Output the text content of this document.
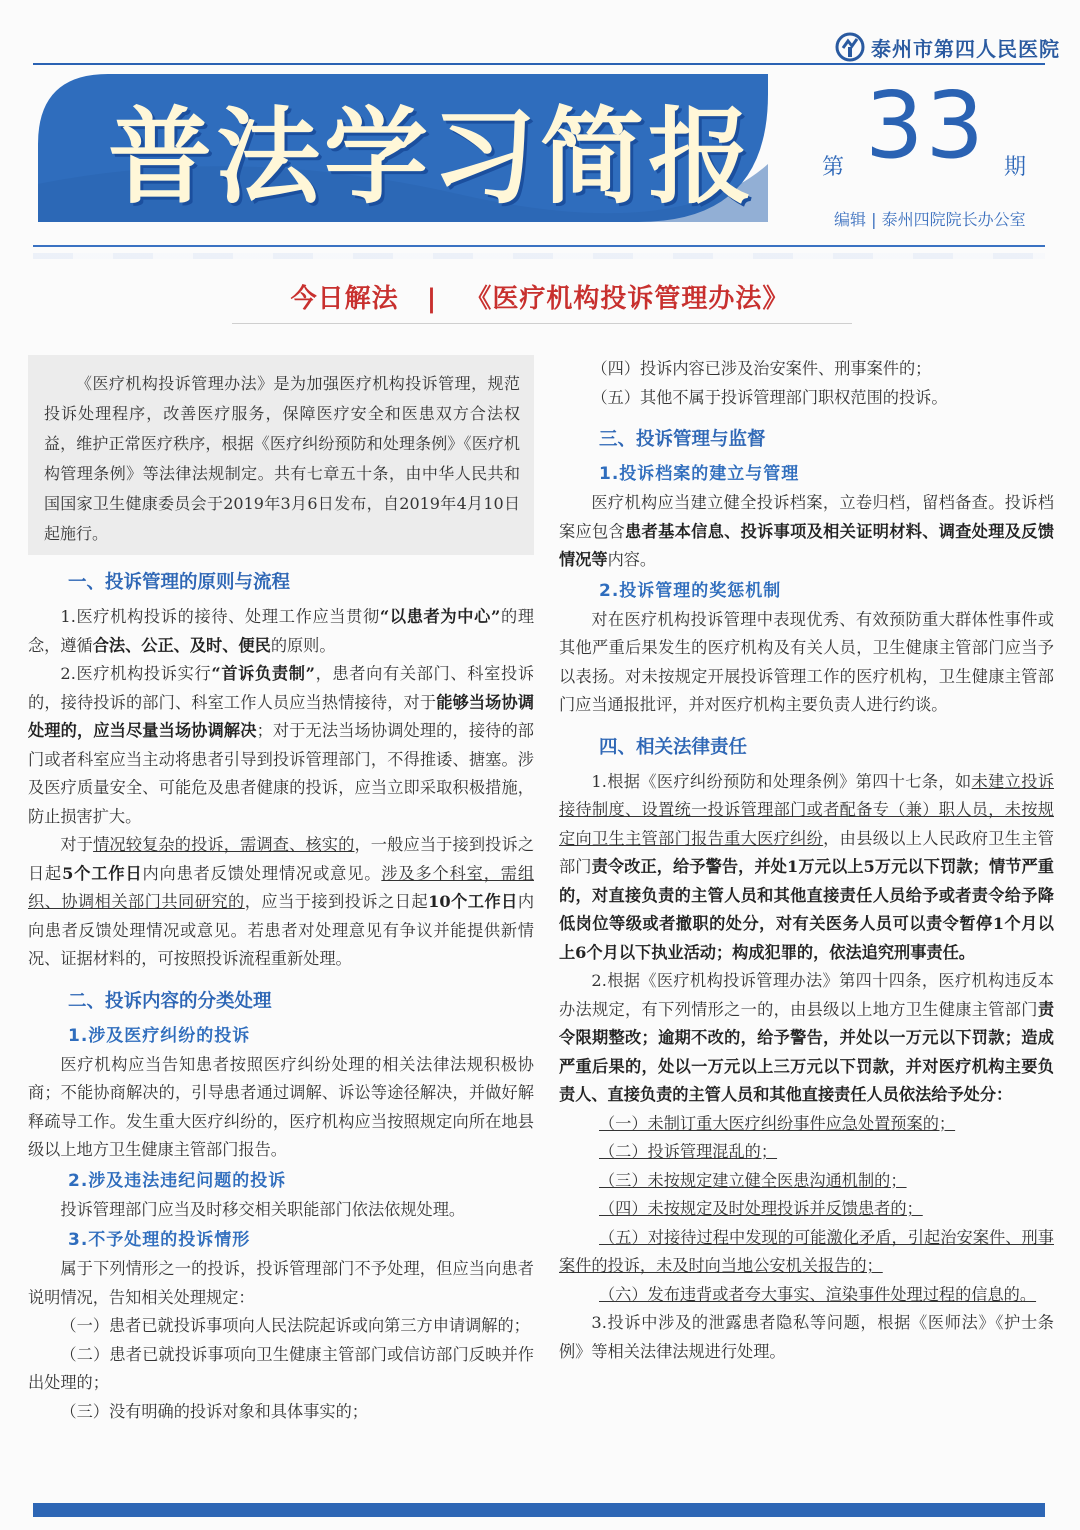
泰州市第四人民医院
普法学习简报	第 33 期
编辑 | 泰州四院院长办公室
今日解法 | 《医疗机构投诉管理办法》

《医疗机构投诉管理办法》是为加强医疗机构投诉管理，规范投诉处理程序，改善医疗服务，保障医疗安全和医患双方合法权益，维护正常医疗秩序，根据《医疗纠纷预防和处理条例》《医疗机构管理条例》等法律法规制定。共有七章五十条，由中华人民共和国国家卫生健康委员会于2019年3月6日发布，自2019年4月10日起施行。

一、投诉管理的原则与流程

1.医疗机构投诉的接待、处理工作应当贯彻“以患者为中心”的理念，遵循合法、公正、及时、便民的原则。

2.医疗机构投诉实行“首诉负责制”，患者向有关部门、科室投诉的，接待投诉的部门、科室工作人员应当热情接待，对于能够当场协调处理的，应当尽量当场协调解决；对于无法当场协调处理的，接待的部门或者科室应当主动将患者引导到投诉管理部门，不得推诿、搪塞。涉及医疗质量安全、可能危及患者健康的投诉，应当立即采取积极措施，防止损害扩大。

对于情况较复杂的投诉，需调查、核实的，一般应当于接到投诉之日起5个工作日内向患者反馈处理情况或意见。涉及多个科室，需组织、协调相关部门共同研究的，应当于接到投诉之日起10个工作日内向患者反馈处理情况或意见。若患者对处理意见有争议并能提供新情况、证据材料的，可按照投诉流程重新处理。

二、投诉内容的分类处理
1.涉及医疗纠纷的投诉

医疗机构应当告知患者按照医疗纠纷处理的相关法律法规积极协商；不能协商解决的，引导患者通过调解、诉讼等途径解决，并做好解释疏导工作。发生重大医疗纠纷的，医疗机构应当按照规定向所在地县级以上地方卫生健康主管部门报告。

2.涉及违法违纪问题的投诉

投诉管理部门应当及时移交相关职能部门依法依规处理。

3.不予处理的投诉情形

属于下列情形之一的投诉，投诉管理部门不予处理，但应当向患者说明情况，告知相关处理规定：

（一）患者已就投诉事项向人民法院起诉或向第三方申请调解的；

（二）患者已就投诉事项向卫生健康主管部门或信访部门反映并作出处理的；

（三）没有明确的投诉对象和具体事实的；

（四）投诉内容已涉及治安案件、刑事案件的；

（五）其他不属于投诉管理部门职权范围的投诉。

三、投诉管理与监督
1.投诉档案的建立与管理

医疗机构应当建立健全投诉档案，立卷归档，留档备查。投诉档案应包含患者基本信息、投诉事项及相关证明材料、调查处理及反馈情况等内容。

2.投诉管理的奖惩机制

对在医疗机构投诉管理中表现优秀、有效预防重大群体性事件或其他严重后果发生的医疗机构及有关人员，卫生健康主管部门应当予以表扬。对未按规定开展投诉管理工作的医疗机构，卫生健康主管部门应当通报批评，并对医疗机构主要负责人进行约谈。

四、相关法律责任

1.根据《医疗纠纷预防和处理条例》第四十七条，如未建立投诉接待制度、设置统一投诉管理部门或者配备专（兼）职人员，未按规定向卫生主管部门报告重大医疗纠纷，由县级以上人民政府卫生主管部门责令改正，给予警告，并处1万元以上5万元以下罚款；情节严重的，对直接负责的主管人员和其他直接责任人员给予或者责令给予降低岗位等级或者撤职的处分，对有关医务人员可以责令暂停1个月以上6个月以下执业活动；构成犯罪的，依法追究刑事责任。

2.根据《医疗机构投诉管理办法》第四十四条，医疗机构违反本办法规定，有下列情形之一的，由县级以上地方卫生健康主管部门责令限期整改；逾期不改的，给予警告，并处以一万元以下罚款；造成严重后果的，处以一万元以上三万元以下罚款，并对医疗机构主要负责人、直接负责的主管人员和其他直接责任人员依法给予处分：

（一）未制订重大医疗纠纷事件应急处置预案的；

（二）投诉管理混乱的；

（三）未按规定建立健全医患沟通机制的；

（四）未按规定及时处理投诉并反馈患者的；

（五）对接待过程中发现的可能激化矛盾，引起治安案件、刑事案件的投诉，未及时向当地公安机关报告的；

（六）发布违背或者夸大事实、渲染事件处理过程的信息的。

3.投诉中涉及的泄露患者隐私等问题，根据《医师法》《护士条例》等相关法律法规进行处理。
